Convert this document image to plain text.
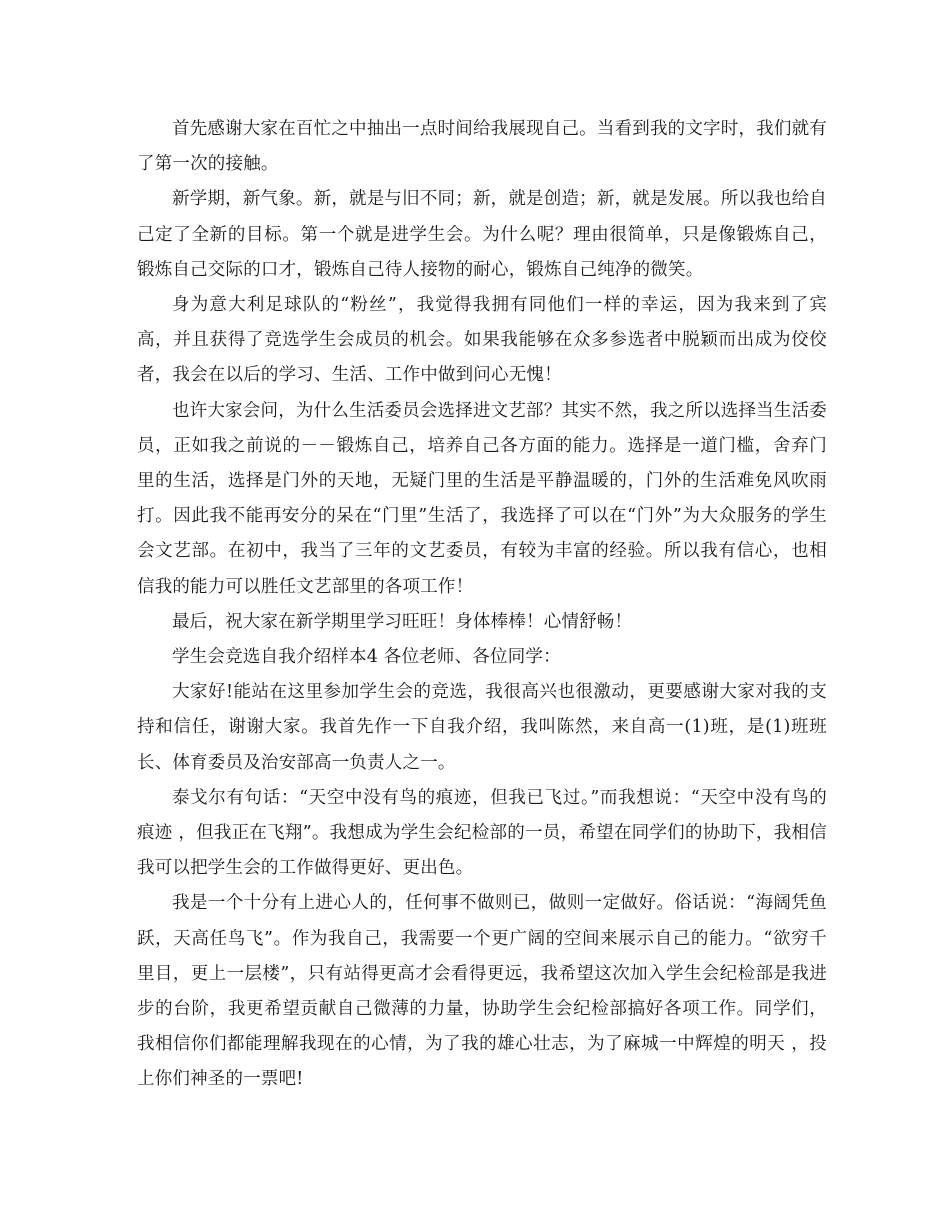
首先感谢大家在百忙之中抽出一点时间给我展现自己。当看到我的文字时，我们就有了第一次的接触。

新学期，新气象。新，就是与旧不同；新，就是创造；新，就是发展。所以我也给自己定了全新的目标。第一个就是进学生会。为什么呢？理由很简单，只是像锻炼自己，锻炼自己交际的口才，锻炼自己待人接物的耐心，锻炼自己纯净的微笑。

身为意大利足球队的“粉丝”，我觉得我拥有同他们一样的幸运，因为我来到了宾高，并且获得了竞选学生会成员的机会。如果我能够在众多参选者中脱颖而出成为佼佼者，我会在以后的学习、生活、工作中做到问心无愧！

也许大家会问，为什么生活委员会选择进文艺部？其实不然，我之所以选择当生活委员，正如我之前说的－－锻炼自己，培养自己各方面的能力。选择是一道门槛，舍弃门里的生活，选择是门外的天地，无疑门里的生活是平静温暖的，门外的生活难免风吹雨打。因此我不能再安分的呆在“门里”生活了，我选择了可以在“门外”为大众服务的学生会文艺部。在初中，我当了三年的文艺委员，有较为丰富的经验。所以我有信心，也相信我的能力可以胜任文艺部里的各项工作！

最后，祝大家在新学期里学习旺旺！身体棒棒！心情舒畅！

学生会竞选自我介绍样本4 各位老师、各位同学：

大家好!能站在这里参加学生会的竞选，我很高兴也很激动，更要感谢大家对我的支持和信任，谢谢大家。我首先作一下自我介绍，我叫陈然，来自高一(1)班，是(1)班班长、体育委员及治安部高一负责人之一。

泰戈尔有句话：“天空中没有鸟的痕迹，但我已飞过。”而我想说：“天空中没有鸟的痕迹 ，但我正在飞翔”。我想成为学生会纪检部的一员，希望在同学们的协助下，我相信我可以把学生会的工作做得更好、更出色。

我是一个十分有上进心人的，任何事不做则已，做则一定做好。俗话说：“海阔凭鱼跃，天高任鸟飞”。作为我自己，我需要一个更广阔的空间来展示自己的能力。“欲穷千里目，更上一层楼”，只有站得更高才会看得更远，我希望这次加入学生会纪检部是我进步的台阶，我更希望贡献自己微薄的力量，协助学生会纪检部搞好各项工作。同学们，我相信你们都能理解我现在的心情，为了我的雄心壮志，为了麻城一中辉煌的明天 ，投上你们神圣的一票吧!
